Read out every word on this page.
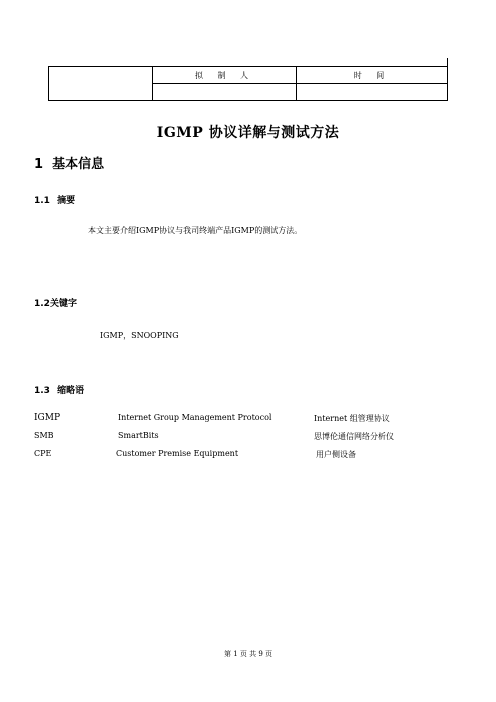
	拟 制 人	时 间

IGMP 协议详解与测试方法
1 基本信息
1.1 摘要
本文主要介绍IGMP协议与我司终端产品IGMP的测试方法。
1.2关键字
IGMP，SNOOPING
1.3 缩略语
IGMP	Internet Group Management Protocol	Internet 组管理协议
SMB	SmartBits	思博伦通信网络分析仪
CPE	Customer Premise Equipment	用户侧设备
第 1 页 共 9 页
